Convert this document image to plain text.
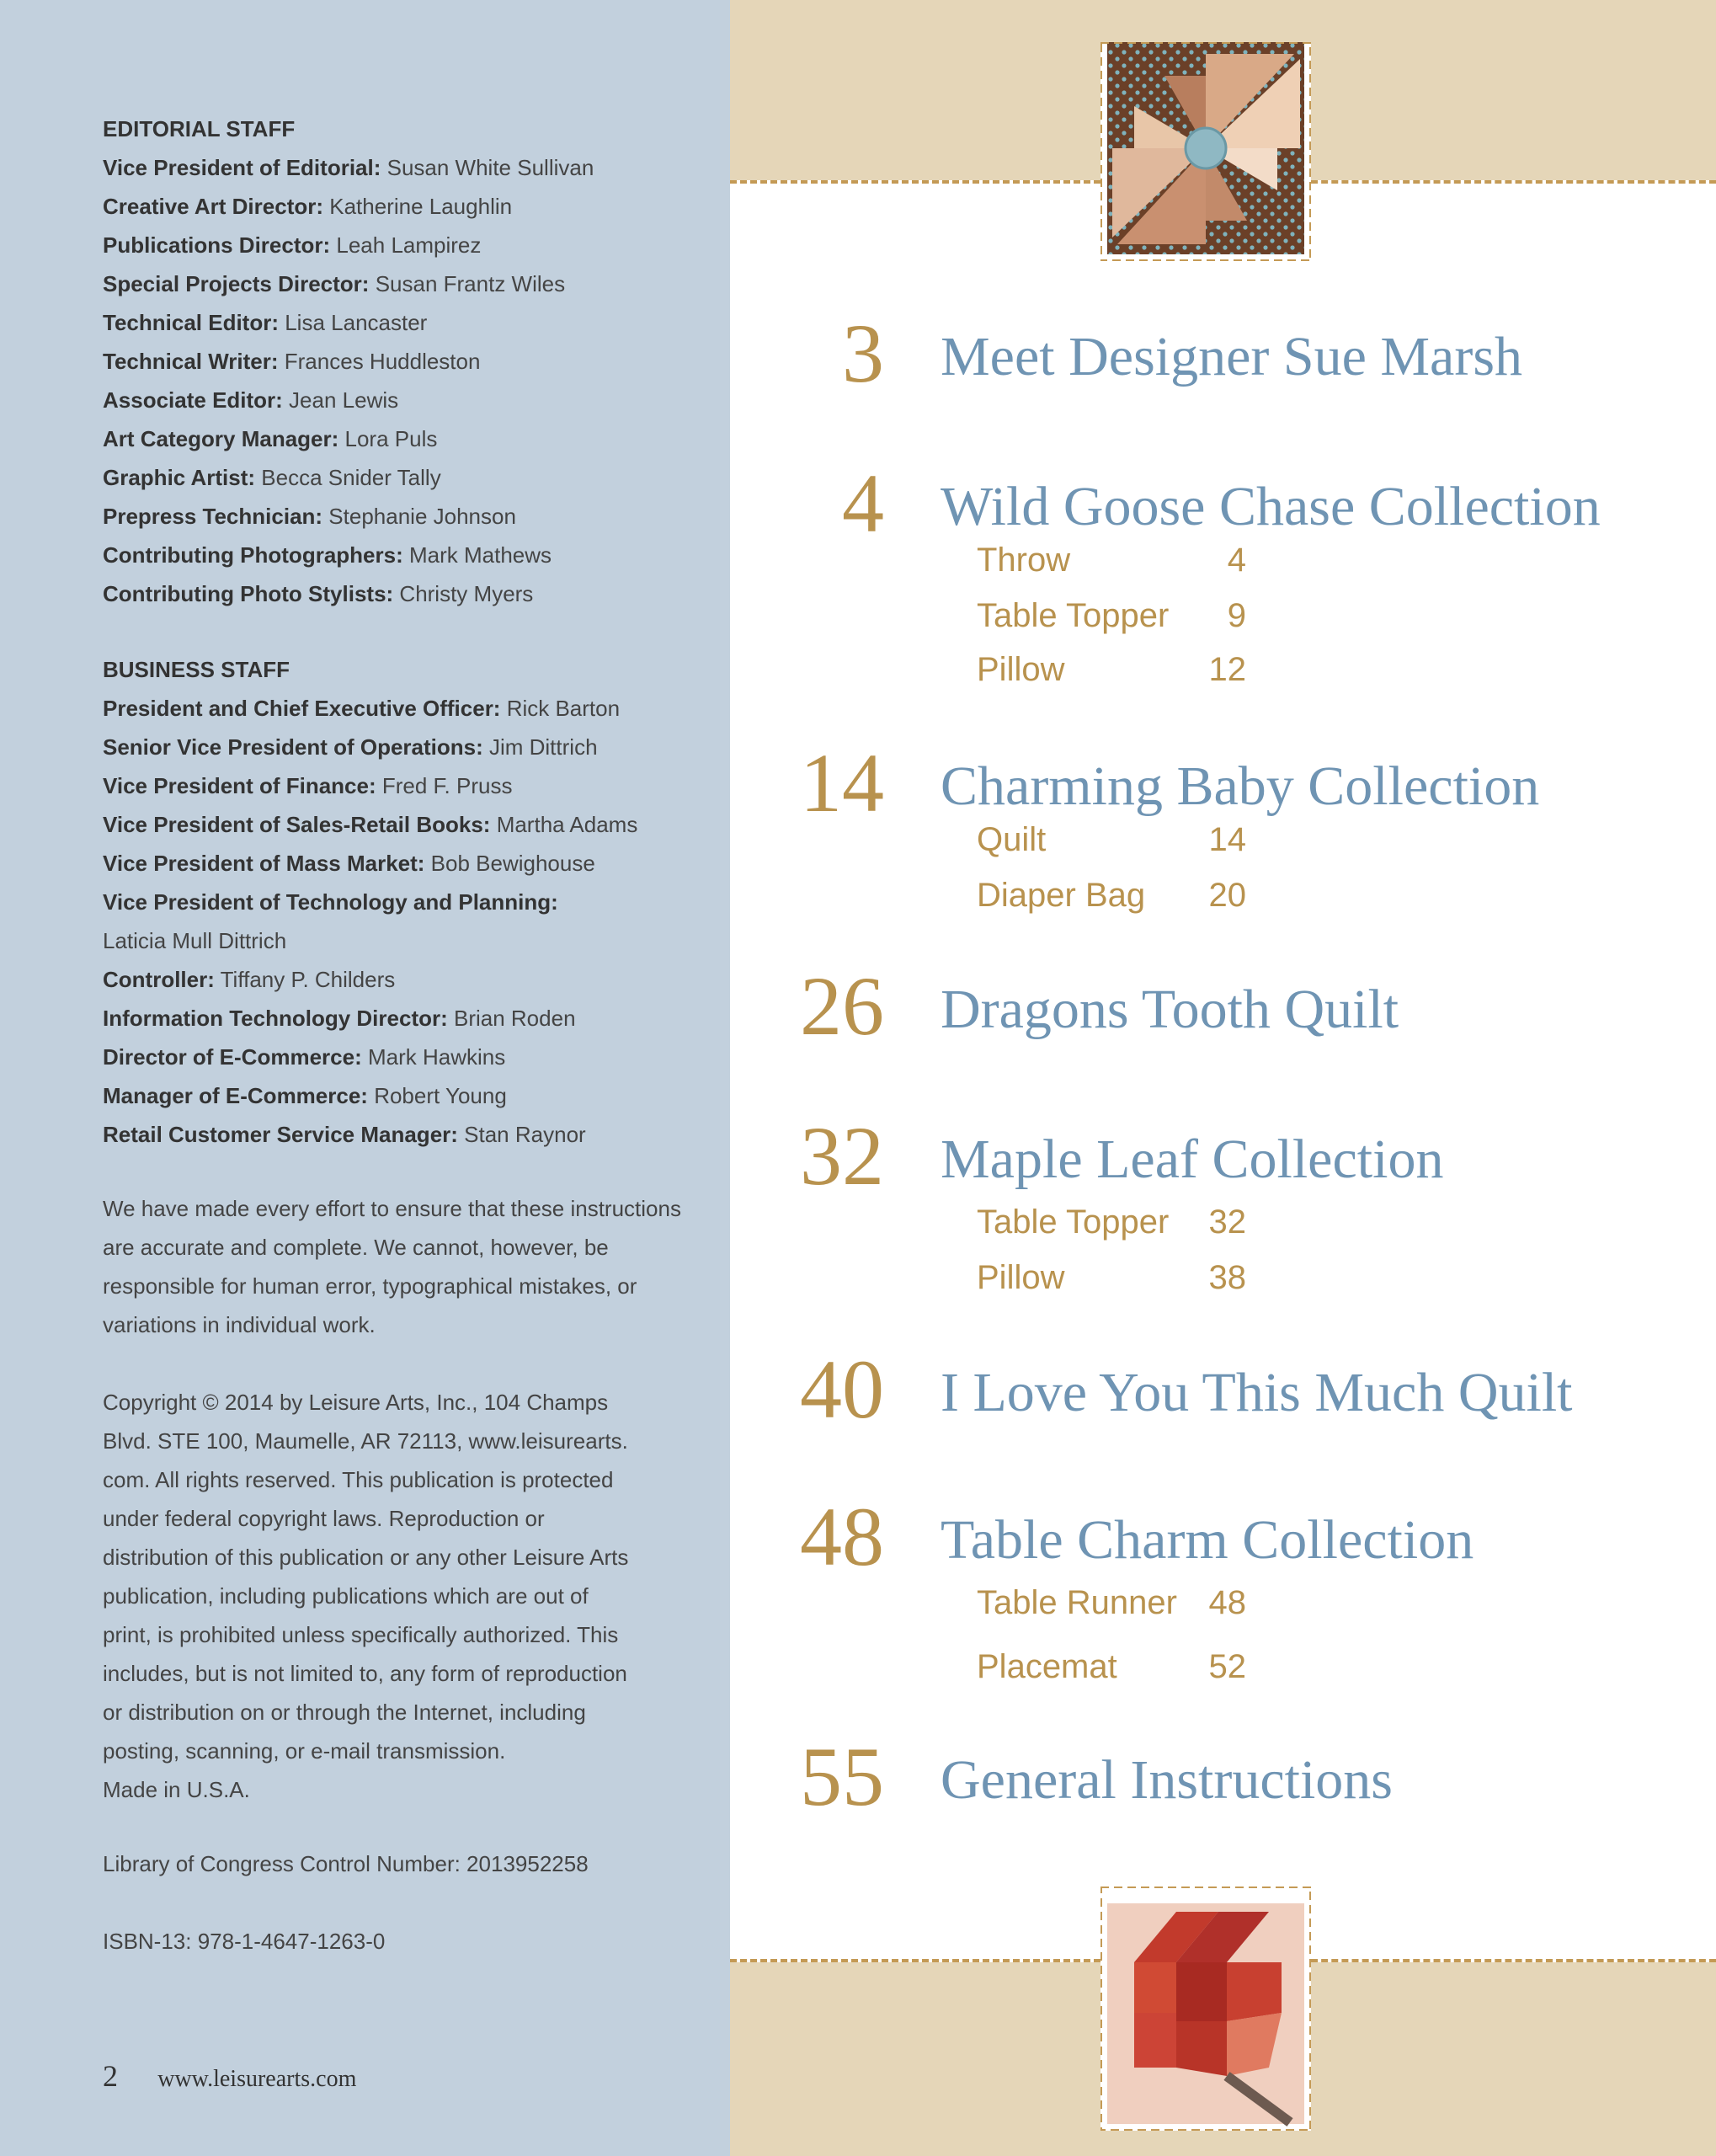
EDITORIAL STAFF
Vice President of Editorial: Susan White Sullivan
Creative Art Director: Katherine Laughlin
Publications Director: Leah Lampirez
Special Projects Director: Susan Frantz Wiles
Technical Editor: Lisa Lancaster
Technical Writer: Frances Huddleston
Associate Editor: Jean Lewis
Art Category Manager: Lora Puls
Graphic Artist: Becca Snider Tally
Prepress Technician: Stephanie Johnson
Contributing Photographers: Mark Mathews
Contributing Photo Stylists: Christy Myers
BUSINESS STAFF
President and Chief Executive Officer: Rick Barton
Senior Vice President of Operations: Jim Dittrich
Vice President of Finance: Fred F. Pruss
Vice President of Sales-Retail Books: Martha Adams
Vice President of Mass Market: Bob Bewighouse
Vice President of Technology and Planning:
Laticia Mull Dittrich
Controller: Tiffany P. Childers
Information Technology Director: Brian Roden
Director of E-Commerce: Mark Hawkins
Manager of E-Commerce: Robert Young
Retail Customer Service Manager: Stan Raynor
We have made every effort to ensure that these instructions are accurate and complete. We cannot, however, be responsible for human error, typographical mistakes, or variations in individual work.
Copyright © 2014 by Leisure Arts, Inc., 104 Champs
Blvd. STE 100, Maumelle, AR 72113, www.leisurearts.
com. All rights reserved. This publication is protected
under federal copyright laws. Reproduction or
distribution of this publication or any other Leisure Arts
publication, including publications which are out of
print, is prohibited unless specifically authorized. This
includes, but is not limited to, any form of reproduction
or distribution on or through the Internet, including
posting, scanning, or e-mail transmission.
Made in U.S.A.
Library of Congress Control Number: 2013952258
ISBN-13: 978-1-4647-1263-0
2 www.leisurearts.com
3 Meet Designer Sue Marsh
4 Wild Goose Chase Collection
Throw	4
Table Topper 9
Pillow	12
14 Charming Baby Collection
Quilt	14
Diaper Bag 20
26 Dragons Tooth Quilt
32 Maple Leaf Collection
Table Topper 32
Pillow	38
40 I Love You This Much Quilt
48 Table Charm Collection
Table Runner 48
Placemat	52
55 General Instructions
